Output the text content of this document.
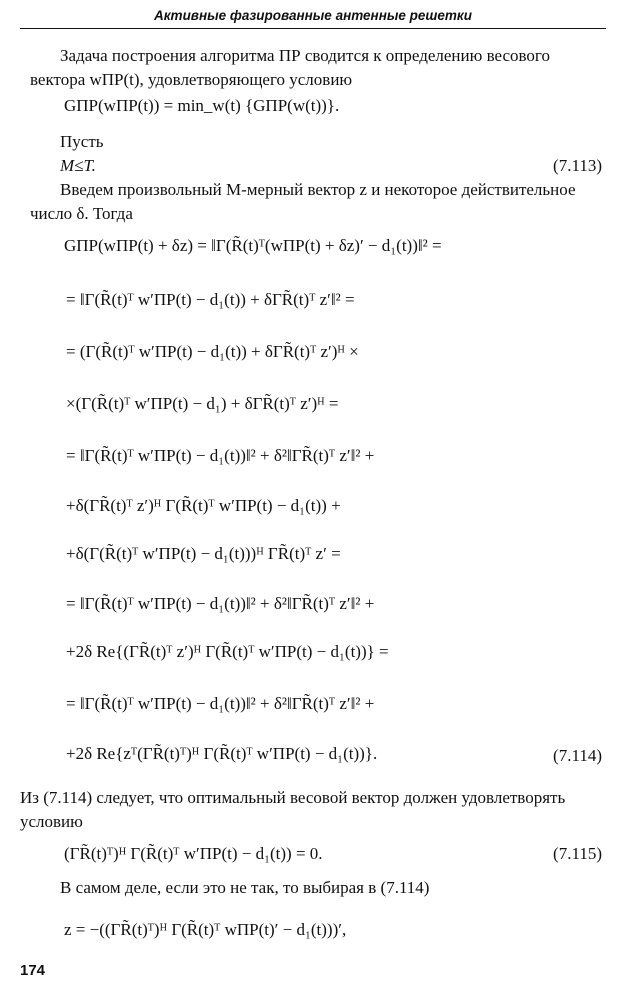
Активные фазированные антенные решетки

Задача построения алгоритма ПР сводится к определению весового вектора wПР(t), удовлетворяющего условию

GПР(wПР(t)) = min_w(t) {GПР(w(t))}.
Пусть
M≤T.	(7.113)

Введем произвольный M-мерный вектор z и некоторое действительное число δ. Тогда

GПР(wПР(t) + δz) = ‖Γ(R̃(t)ᵀ(wПР(t) + δz)′ − d₁(t))‖² =
= ‖Γ(R̃(t)ᵀ w′ПР(t) − d₁(t)) + δΓR̃(t)ᵀ z′‖² =
= (Γ(R̃(t)ᵀ w′ПР(t) − d₁(t)) + δΓR̃(t)ᵀ z′)ᴴ ×
×(Γ(R̃(t)ᵀ w′ПР(t) − d₁) + δΓR̃(t)ᵀ z′)ᴴ =
= ‖Γ(R̃(t)ᵀ w′ПР(t) − d₁(t))‖² + δ²‖ΓR̃(t)ᵀ z′‖² +
+δ(ΓR̃(t)ᵀ z′)ᴴ Γ(R̃(t)ᵀ w′ПР(t) − d₁(t)) +
+δ(Γ(R̃(t)ᵀ w′ПР(t) − d₁(t)))ᴴ ΓR̃(t)ᵀ z′ =
= ‖Γ(R̃(t)ᵀ w′ПР(t) − d₁(t))‖² + δ²‖ΓR̃(t)ᵀ z′‖² +
+2δ Re{(ΓR̃(t)ᵀ z′)ᴴ Γ(R̃(t)ᵀ w′ПР(t) − d₁(t))} =
= ‖Γ(R̃(t)ᵀ w′ПР(t) − d₁(t))‖² + δ²‖ΓR̃(t)ᵀ z′‖² +
+2δ Re{zᵀ(ΓR̃(t)ᵀ)ᴴ Γ(R̃(t)ᵀ w′ПР(t) − d₁(t))}.	(7.114)

Из (7.114) следует, что оптимальный весовой вектор должен удовлетворять условию

(ΓR̃(t)ᵀ)ᴴ Γ(R̃(t)ᵀ w′ПР(t) − d₁(t)) = 0.	(7.115)

В самом деле, если это не так, то выбирая в (7.114)

z = −((ΓR̃(t)ᵀ)ᴴ Γ(R̃(t)ᵀ wПР(t)′ − d₁(t)))′,
174
